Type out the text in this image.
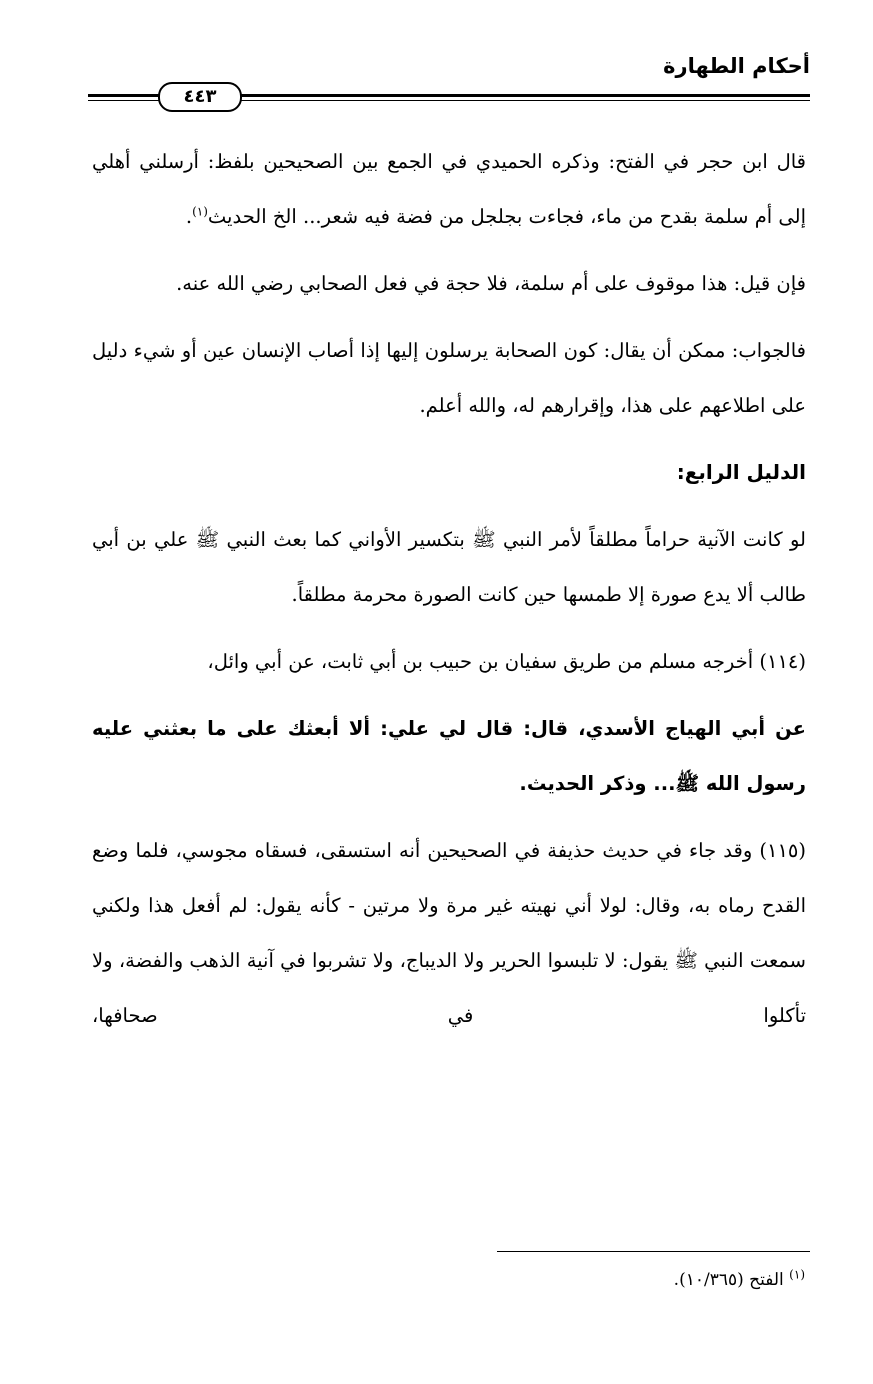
أحكام الطهارة
٤٤٣

قال ابن حجر في الفتح: وذكره الحميدي في الجمع بين الصحيحين بلفظ: أرسلني أهلي إلى أم سلمة بقدح من ماء، فجاءت بجلجل من فضة فيه شعر... الخ الحديث$^{(١)}$.

فإن قيل: هذا موقوف على أم سلمة، فلا حجة في فعل الصحابي رضي الله عنه.

فالجواب: ممكن أن يقال: كون الصحابة يرسلون إليها إذا أصاب الإنسان عين أو شيء دليل على اطلاعهم على هذا، وإقرارهم له، والله أعلم.

الدليل الرابع:

لو كانت الآنية حراماً مطلقاً لأمر النبي ﷺ بتكسير الأواني كما بعث النبي ﷺ علي بن أبي طالب ألا يدع صورة إلا طمسها حين كانت الصورة محرمة مطلقاً.

(١١٤) أخرجه مسلم من طريق سفيان بن حبيب بن أبي ثابت، عن أبي وائل،

عن أبي الهياج الأسدي، قال: قال لي علي: ألا أبعثك على ما بعثني عليه رسول الله ﷺ... وذكر الحديث.

(١١٥) وقد جاء في حديث حذيفة في الصحيحين أنه استسقى، فسقاه مجوسي، فلما وضع القدح رماه به، وقال: لولا أني نهيته غير مرة ولا مرتين - كأنه يقول: لم أفعل هذا ولكني سمعت النبي ﷺ يقول: لا تلبسوا الحرير ولا الديباج، ولا تشربوا في آنية الذهب والفضة، ولا تأكلوا في صحافها،

$^{(١)}$ الفتح (١٠/٣٦٥).
